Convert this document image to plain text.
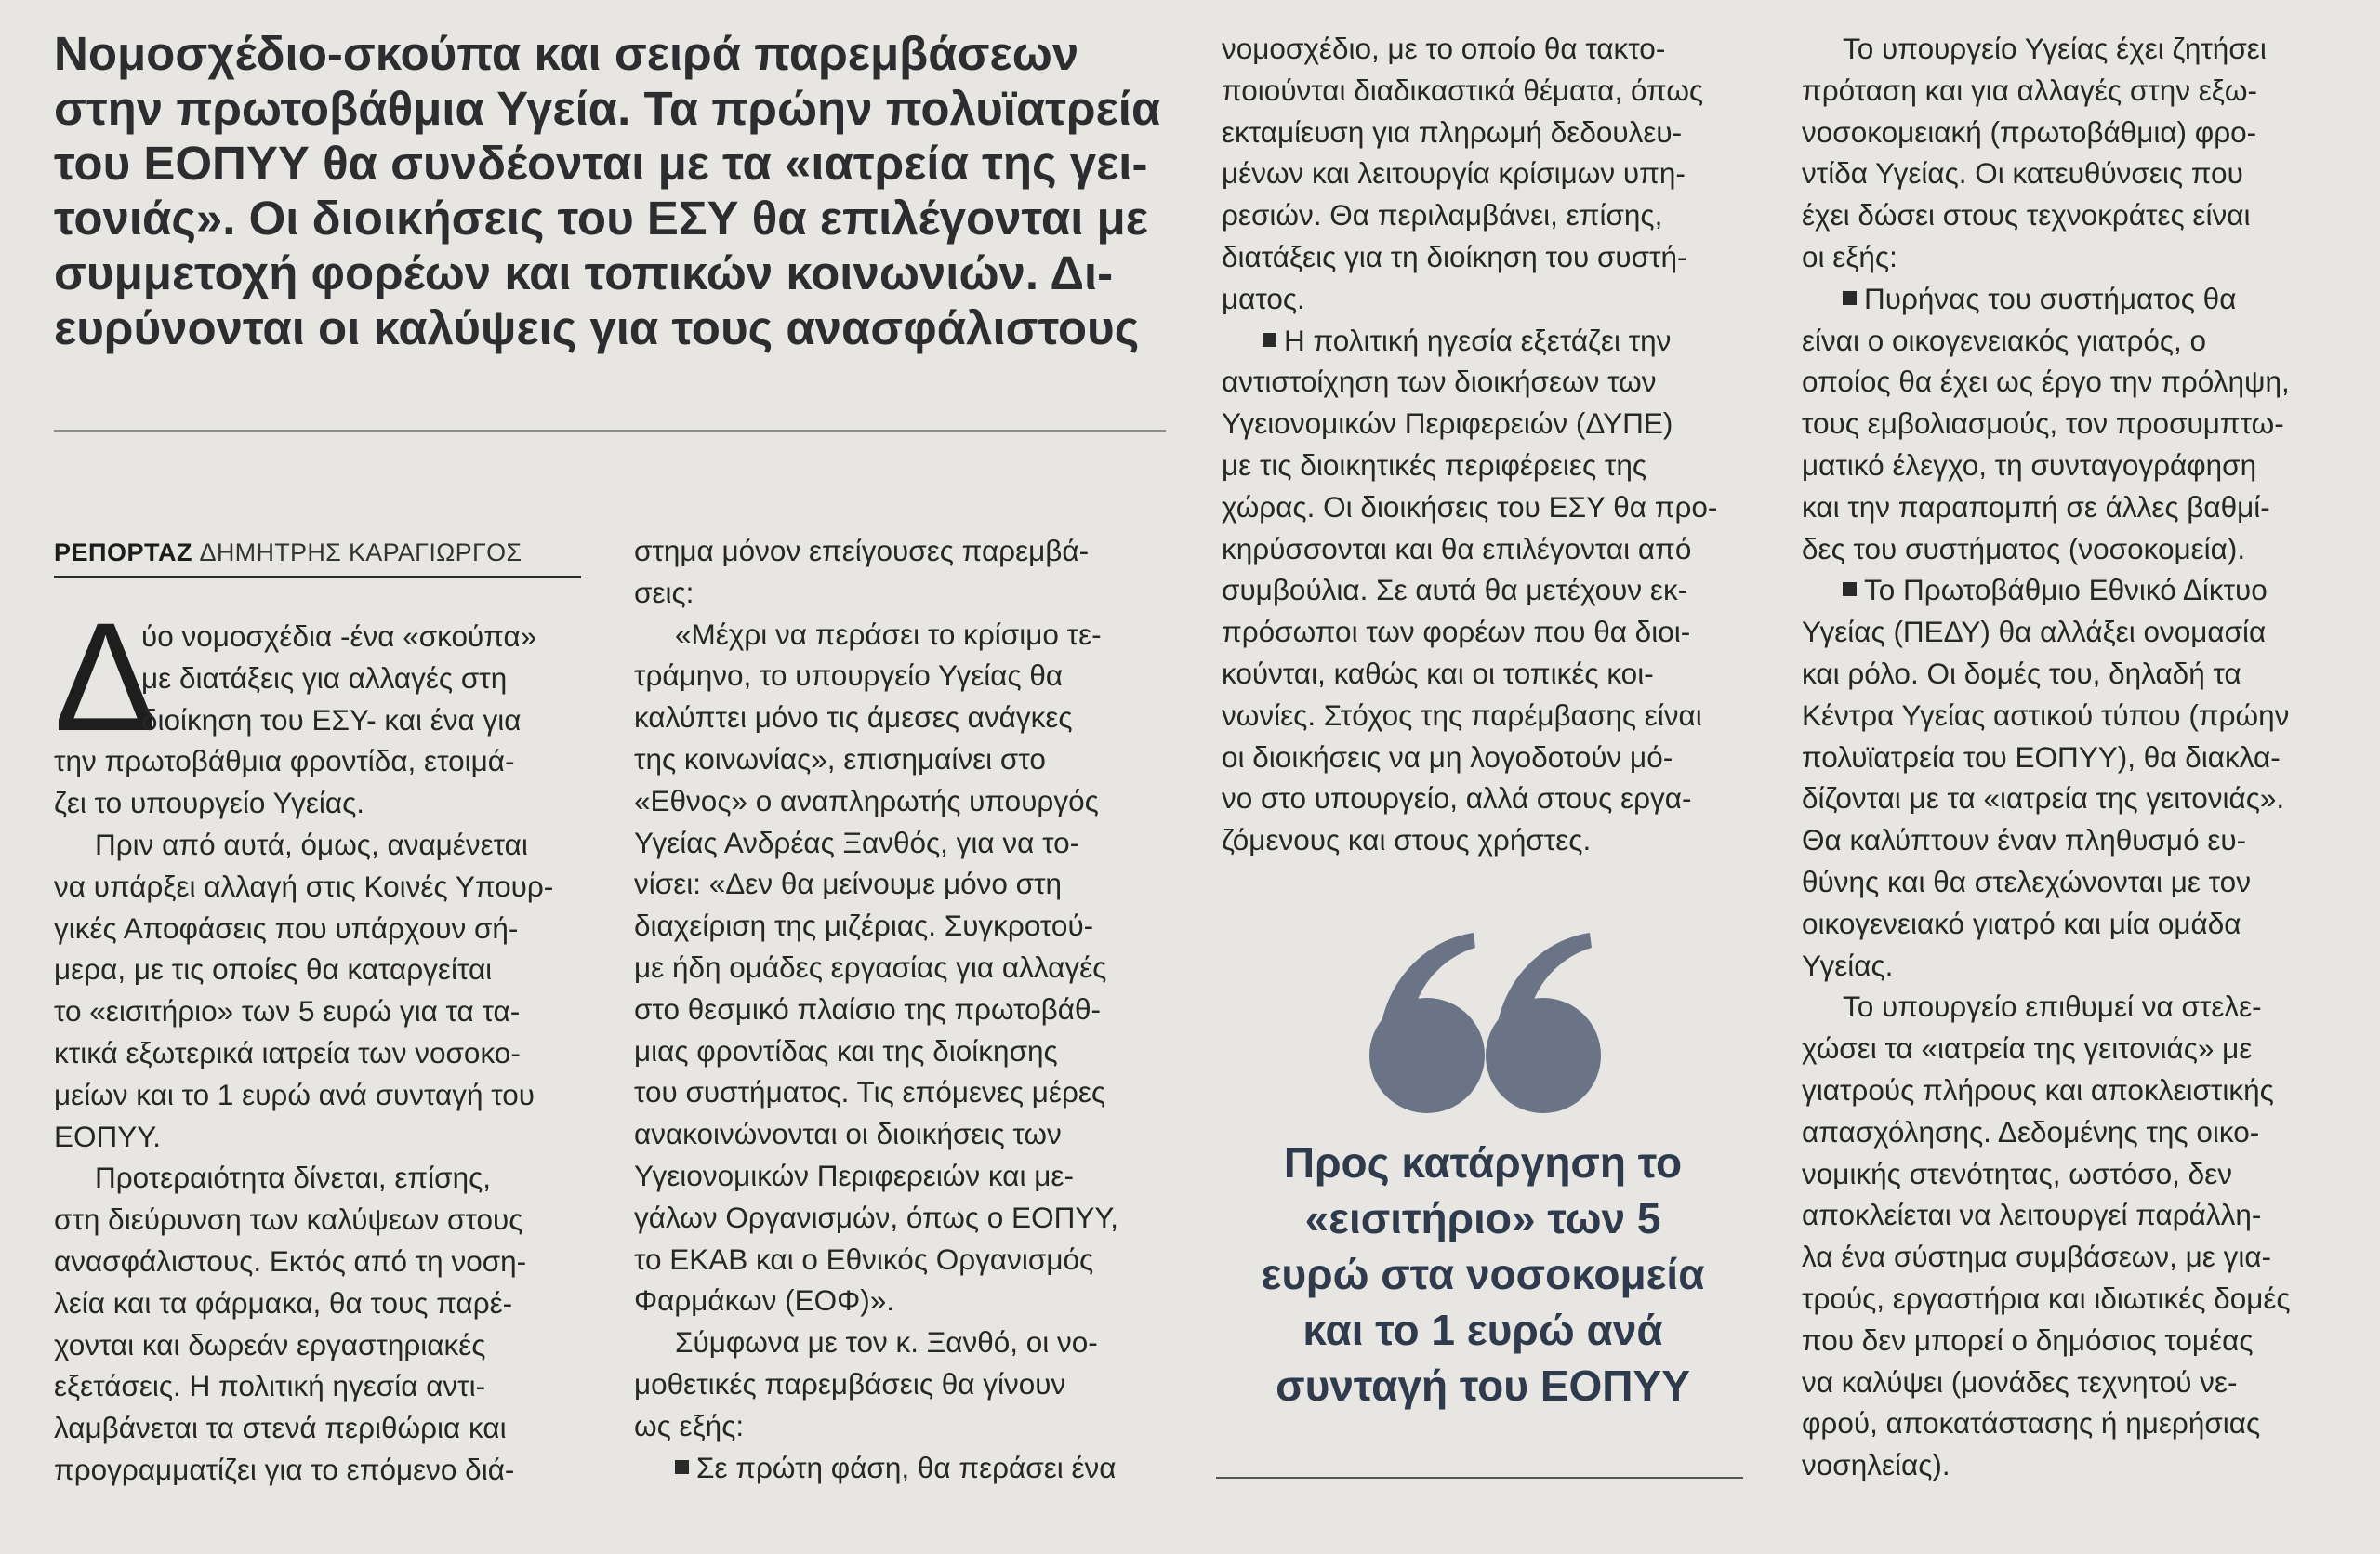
Νομοσχέδιο-σκούπα και σειρά παρεμβάσεων
στην πρωτοβάθμια Υγεία. Τα πρώην πολυϊατρεία
του ΕΟΠΥΥ θα συνδέονται με τα «ιατρεία της γει-
τονιάς». Οι διοικήσεις του ΕΣΥ θα επιλέγονται με
συμμετοχή φορέων και τοπικών κοινωνιών. Δι-
ευρύνονται οι καλύψεις για τους ανασφάλιστους
ΡΕΠΟΡΤΑΖ ΔΗΜΗΤΡΗΣ ΚΑΡΑΓΙΩΡΓΟΣ
Δ
ύο νομοσχέδια -ένα «σκούπα»
με διατάξεις για αλλαγές στη
διοίκηση του ΕΣΥ- και ένα για
την πρωτοβάθμια φροντίδα, ετοιμά-
ζει το υπουργείο Υγείας.
Πριν από αυτά, όμως, αναμένεται
να υπάρξει αλλαγή στις Κοινές Υπουρ-
γικές Αποφάσεις που υπάρχουν σή-
μερα, με τις οποίες θα καταργείται
το «εισιτήριο» των 5 ευρώ για τα τα-
κτικά εξωτερικά ιατρεία των νοσοκο-
μείων και το 1 ευρώ ανά συνταγή του
ΕΟΠΥΥ.
Προτεραιότητα δίνεται, επίσης,
στη διεύρυνση των καλύψεων στους
ανασφάλιστους. Εκτός από τη νοση-
λεία και τα φάρμακα, θα τους παρέ-
χονται και δωρεάν εργαστηριακές
εξετάσεις. Η πολιτική ηγεσία αντι-
λαμβάνεται τα στενά περιθώρια και
προγραμματίζει για το επόμενο διά-
στημα μόνον επείγουσες παρεμβά-
σεις:
«Μέχρι να περάσει το κρίσιμο τε-
τράμηνο, το υπουργείο Υγείας θα
καλύπτει μόνο τις άμεσες ανάγκες
της κοινωνίας», επισημαίνει στο
«Εθνος» ο αναπληρωτής υπουργός
Υγείας Ανδρέας Ξανθός, για να το-
νίσει: «Δεν θα μείνουμε μόνο στη
διαχείριση της μιζέριας. Συγκροτού-
με ήδη ομάδες εργασίας για αλλαγές
στο θεσμικό πλαίσιο της πρωτοβάθ-
μιας φροντίδας και της διοίκησης
του συστήματος. Τις επόμενες μέρες
ανακοινώνονται οι διοικήσεις των
Υγειονομικών Περιφερειών και με-
γάλων Οργανισμών, όπως ο ΕΟΠΥΥ,
το ΕΚΑΒ και ο Εθνικός Οργανισμός
Φαρμάκων (ΕΟΦ)».
Σύμφωνα με τον κ. Ξανθό, οι νο-
μοθετικές παρεμβάσεις θα γίνουν
ως εξής:
Σε πρώτη φάση, θα περάσει ένα
νομοσχέδιο, με το οποίο θα τακτο-
ποιούνται διαδικαστικά θέματα, όπως
εκταμίευση για πληρωμή δεδουλευ-
μένων και λειτουργία κρίσιμων υπη-
ρεσιών. Θα περιλαμβάνει, επίσης,
διατάξεις για τη διοίκηση του συστή-
ματος.
Η πολιτική ηγεσία εξετάζει την
αντιστοίχηση των διοικήσεων των
Υγειονομικών Περιφερειών (ΔΥΠΕ)
με τις διοικητικές περιφέρειες της
χώρας. Οι διοικήσεις του ΕΣΥ θα προ-
κηρύσσονται και θα επιλέγονται από
συμβούλια. Σε αυτά θα μετέχουν εκ-
πρόσωποι των φορέων που θα διοι-
κούνται, καθώς και οι τοπικές κοι-
νωνίες. Στόχος της παρέμβασης είναι
οι διοικήσεις να μη λογοδοτούν μό-
νο στο υπουργείο, αλλά στους εργα-
ζόμενους και στους χρήστες.
Προς κατάργηση το
«εισιτήριο» των 5
ευρώ στα νοσοκομεία
και το 1 ευρώ ανά
συνταγή του ΕΟΠΥΥ
Το υπουργείο Υγείας έχει ζητήσει
πρόταση και για αλλαγές στην εξω-
νοσοκομειακή (πρωτοβάθμια) φρο-
ντίδα Υγείας. Οι κατευθύνσεις που
έχει δώσει στους τεχνοκράτες είναι
οι εξής:
Πυρήνας του συστήματος θα
είναι ο οικογενειακός γιατρός, ο
οποίος θα έχει ως έργο την πρόληψη,
τους εμβολιασμούς, τον προσυμπτω-
ματικό έλεγχο, τη συνταγογράφηση
και την παραπομπή σε άλλες βαθμί-
δες του συστήματος (νοσοκομεία).
Το Πρωτοβάθμιο Εθνικό Δίκτυο
Υγείας (ΠΕΔΥ) θα αλλάξει ονομασία
και ρόλο. Οι δομές του, δηλαδή τα
Κέντρα Υγείας αστικού τύπου (πρώην
πολυϊατρεία του ΕΟΠΥΥ), θα διακλα-
δίζονται με τα «ιατρεία της γειτονιάς».
Θα καλύπτουν έναν πληθυσμό ευ-
θύνης και θα στελεχώνονται με τον
οικογενειακό γιατρό και μία ομάδα
Υγείας.
Το υπουργείο επιθυμεί να στελε-
χώσει τα «ιατρεία της γειτονιάς» με
γιατρούς πλήρους και αποκλειστικής
απασχόλησης. Δεδομένης της οικο-
νομικής στενότητας, ωστόσο, δεν
αποκλείεται να λειτουργεί παράλλη-
λα ένα σύστημα συμβάσεων, με για-
τρούς, εργαστήρια και ιδιωτικές δομές
που δεν μπορεί ο δημόσιος τομέας
να καλύψει (μονάδες τεχνητού νε-
φρού, αποκατάστασης ή ημερήσιας
νοσηλείας).
